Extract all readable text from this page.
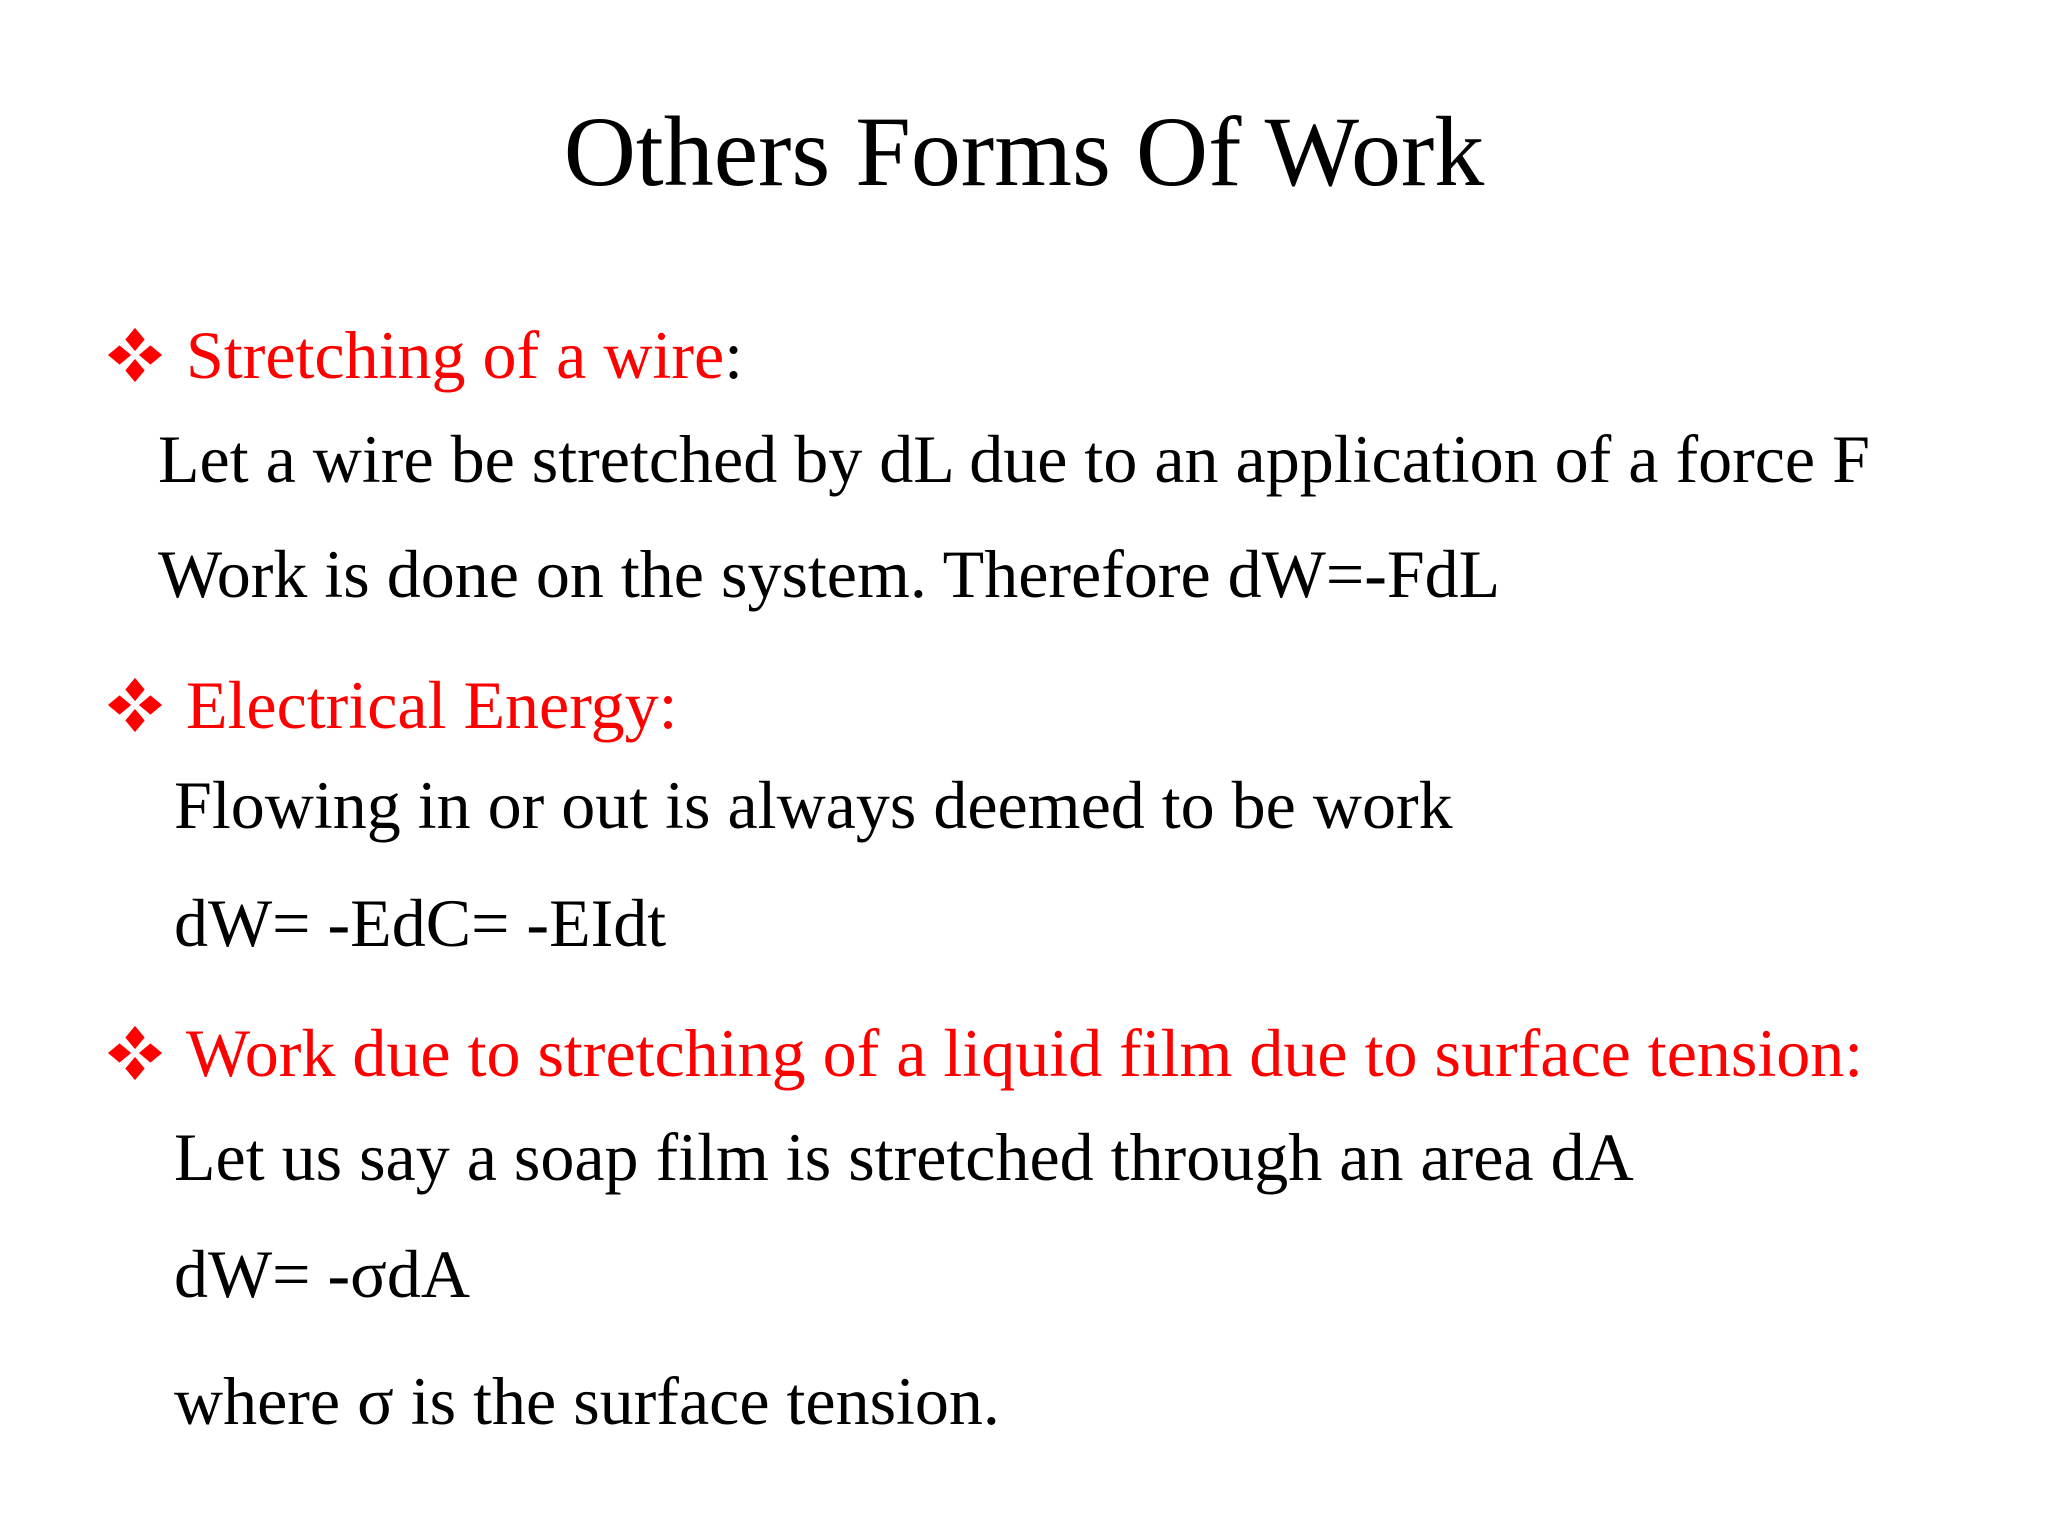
Others Forms Of Work
Stretching of a wire :
Let a wire be stretched by dL due to an application of a force F
Work is done on the system. Therefore dW=-FdL
Electrical Energy:
Flowing in or out is always deemed to be work
dW= -EdC= -EIdt
Work due to stretching of a liquid film due to surface tension:
Let us say a soap film is stretched through an area dA
dW= -σdA
where σ is the surface tension.
